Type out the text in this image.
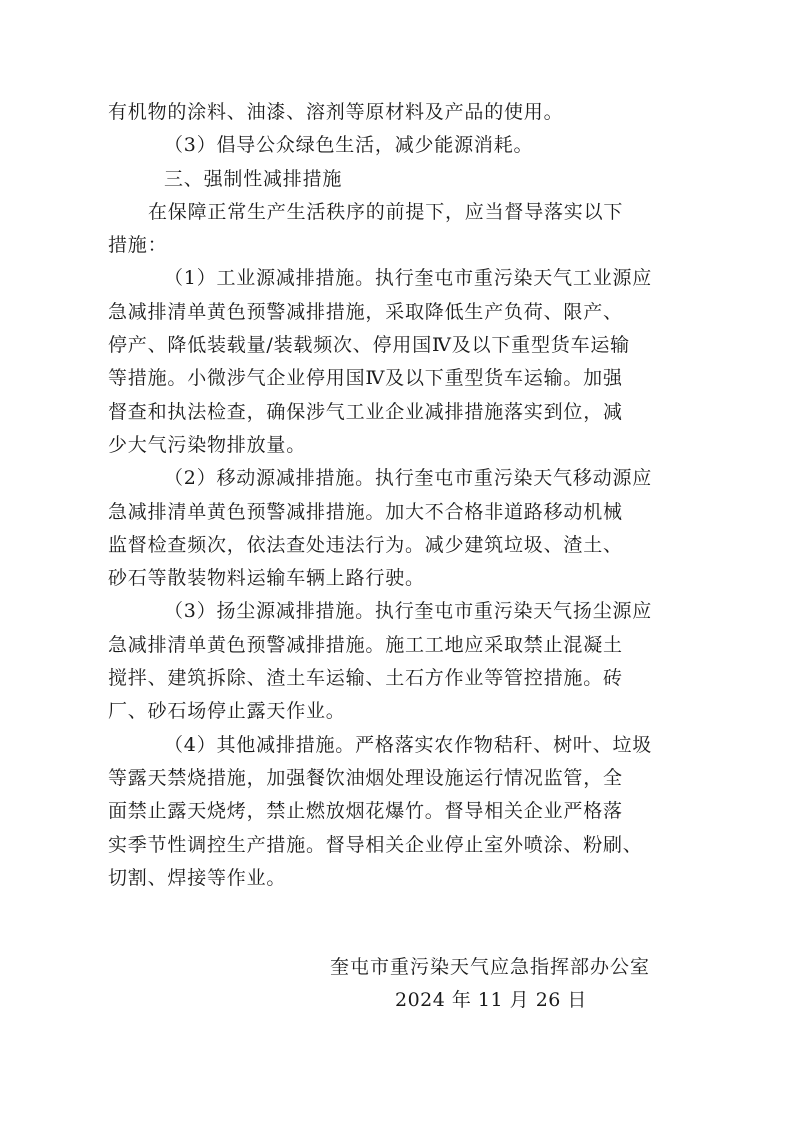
有机物的涂料、油漆、溶剂等原材料及产品的使用。
（3）倡导公众绿色生活，减少能源消耗。
三、强制性减排措施
在保障正常生产生活秩序的前提下，应当督导落实以下
措施：
（1）工业源减排措施。执行奎屯市重污染天气工业源应
急减排清单黄色预警减排措施，采取降低生产负荷、限产、
停产、降低装载量/装载频次、停用国Ⅳ及以下重型货车运输
等措施。小微涉气企业停用国Ⅳ及以下重型货车运输。加强
督查和执法检查，确保涉气工业企业减排措施落实到位，减
少大气污染物排放量。
（2）移动源减排措施。执行奎屯市重污染天气移动源应
急减排清单黄色预警减排措施。加大不合格非道路移动机械
监督检查频次，依法查处违法行为。减少建筑垃圾、渣土、
砂石等散装物料运输车辆上路行驶。
（3）扬尘源减排措施。执行奎屯市重污染天气扬尘源应
急减排清单黄色预警减排措施。施工工地应采取禁止混凝土
搅拌、建筑拆除、渣土车运输、土石方作业等管控措施。砖
厂、砂石场停止露天作业。
（4）其他减排措施。严格落实农作物秸秆、树叶、垃圾
等露天禁烧措施，加强餐饮油烟处理设施运行情况监管，全
面禁止露天烧烤，禁止燃放烟花爆竹。督导相关企业严格落
实季节性调控生产措施。督导相关企业停止室外喷涂、粉刷、
切割、焊接等作业。
奎屯市重污染天气应急指挥部办公室
2024 年 11 月 26 日
